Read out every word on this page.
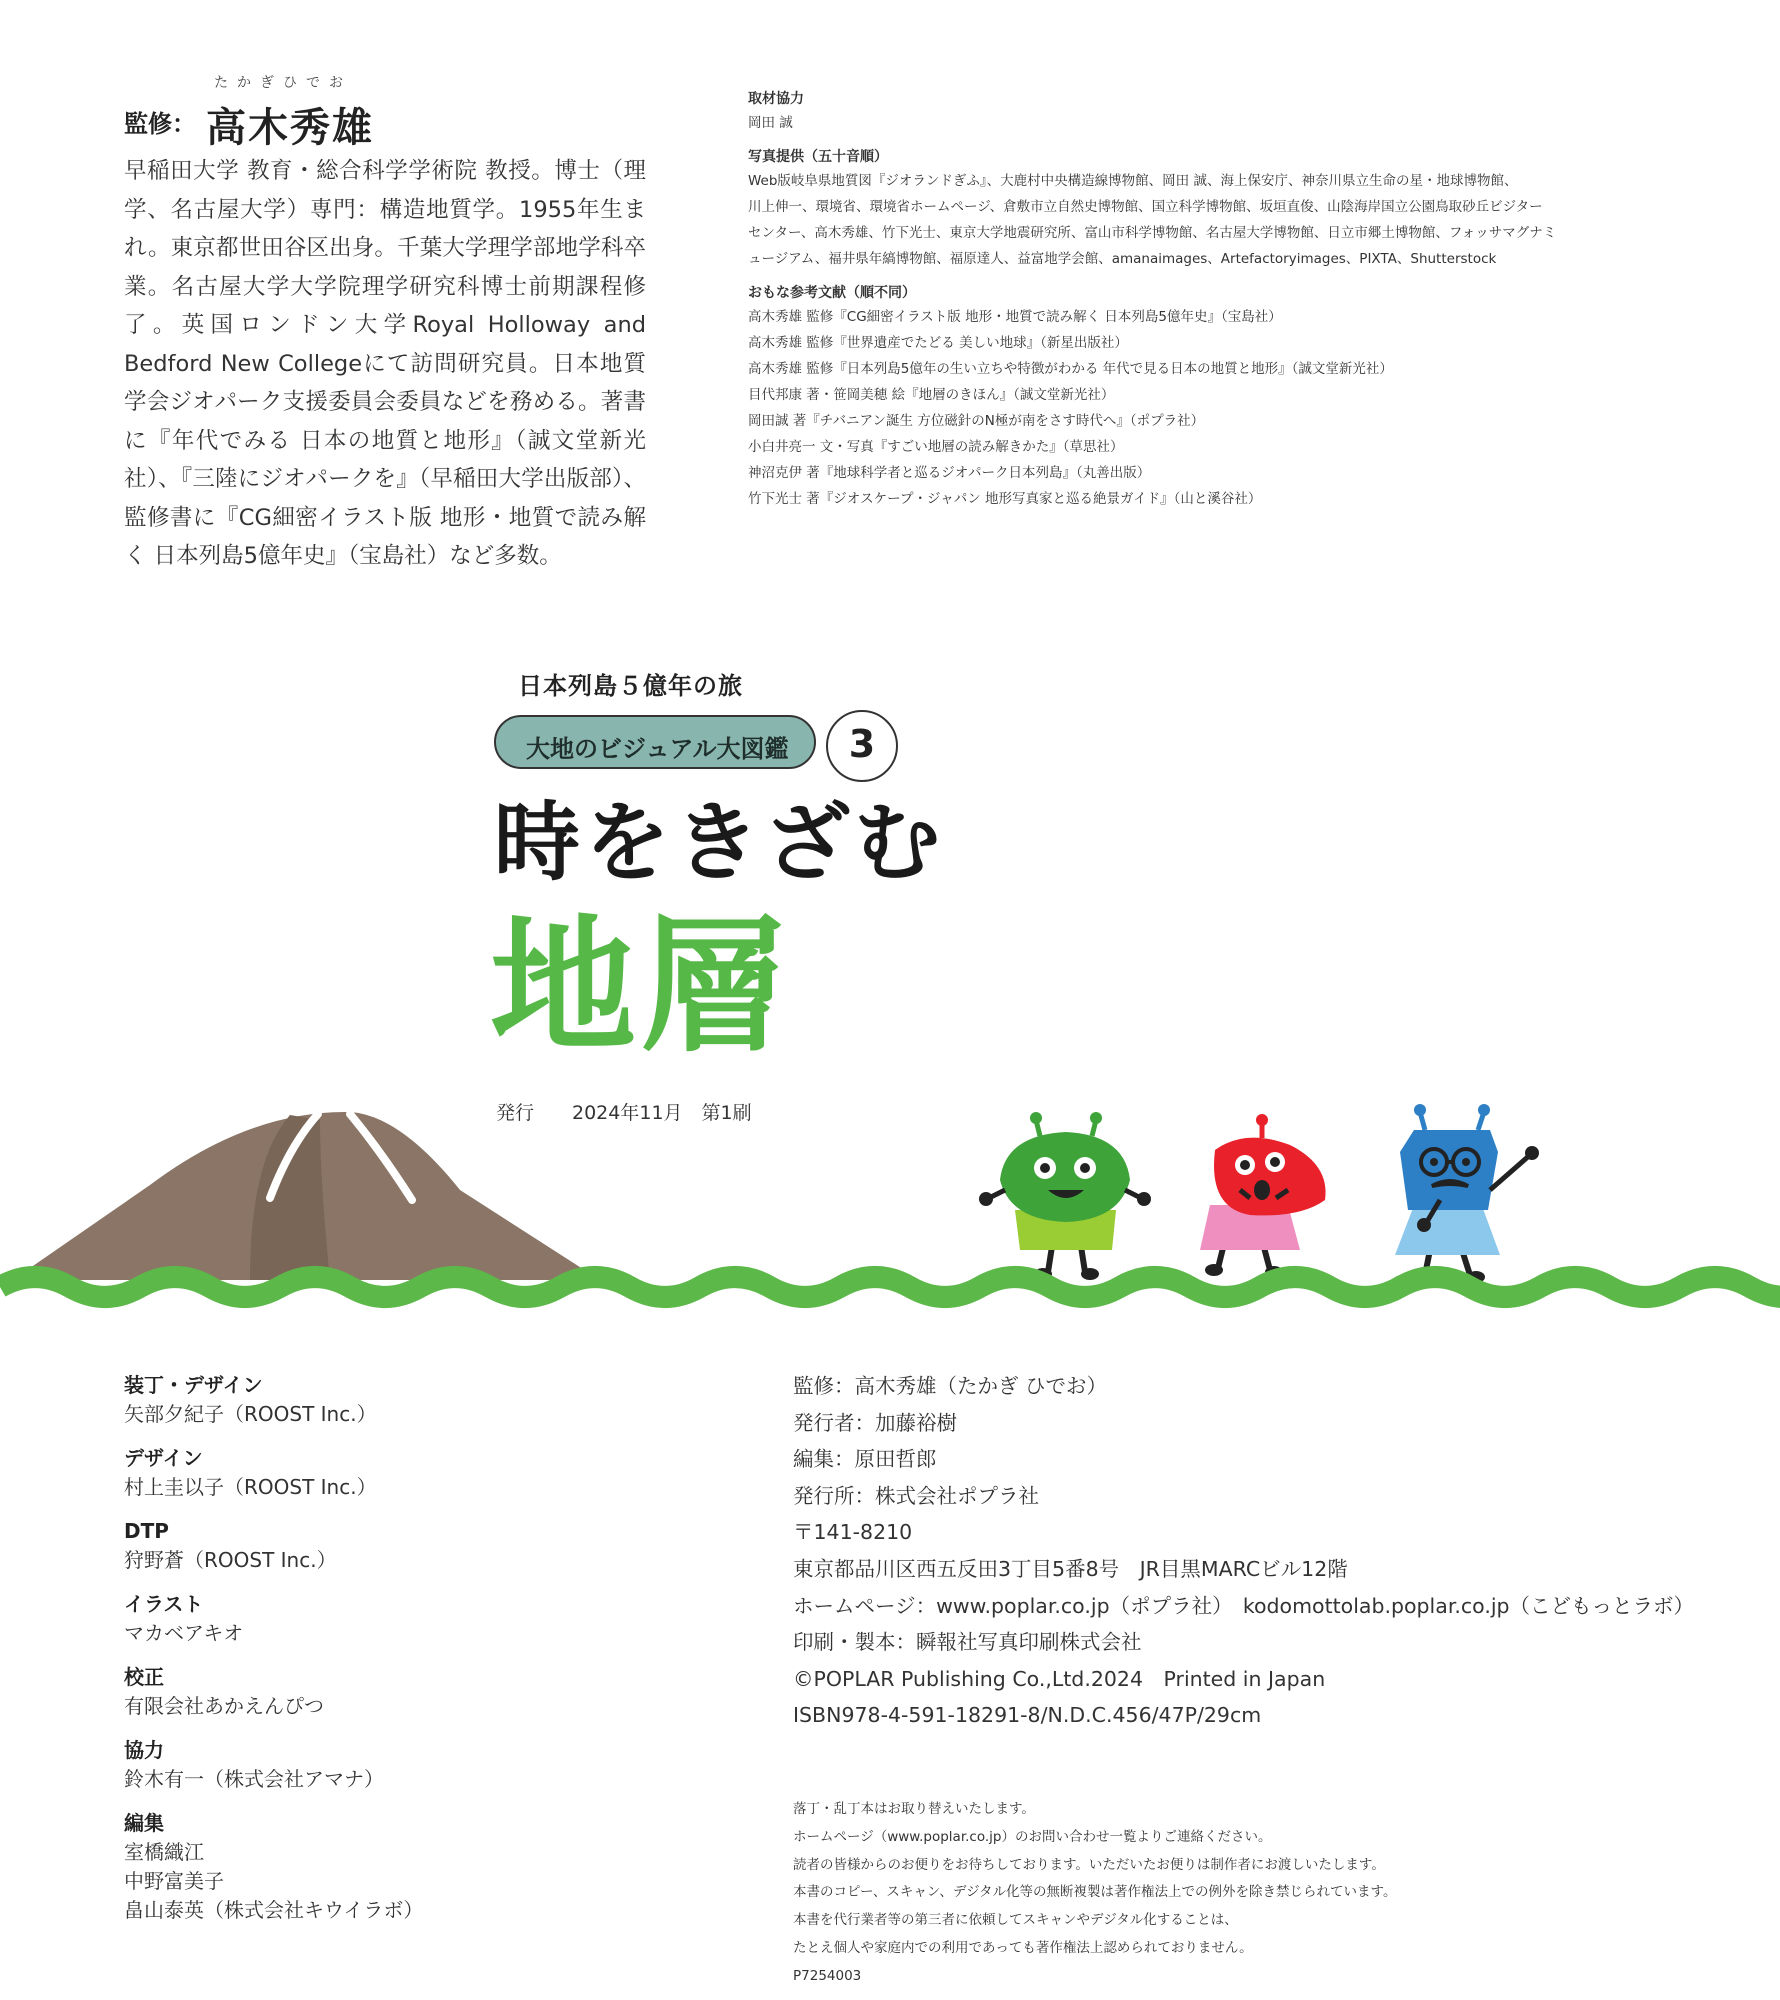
たかぎひでお
監修： 高木秀雄
早稲田大学 教育・総合科学学術院 教授。博士（理学、名古屋大学）専門：構造地質学。1955年生まれ。東京都世田谷区出身。千葉大学理学部地学科卒業。名古屋大学大学院理学研究科博士前期課程修了。英国ロンドン大学Royal Holloway and Bedford New Collegeにて訪問研究員。日本地質学会ジオパーク支援委員会委員などを務める。著書に『年代でみる 日本の地質と地形』（誠文堂新光社）、『三陸にジオパークを』（早稲田大学出版部）、監修書に『CG細密イラスト版 地形・地質で読み解く 日本列島5億年史』（宝島社）など多数。
取材協力
岡田 誠
写真提供（五十音順）
Web版岐阜県地質図『ジオランドぎふ』、大鹿村中央構造線博物館、岡田 誠、海上保安庁、神奈川県立生命の星・地球博物館、
川上伸一、環境省、環境省ホームページ、倉敷市立自然史博物館、国立科学博物館、坂垣直俊、山陰海岸国立公園鳥取砂丘ビジター
センター、高木秀雄、竹下光士、東京大学地震研究所、富山市科学博物館、名古屋大学博物館、日立市郷土博物館、フォッサマグナミ
ュージアム、福井県年縞博物館、福原達人、益富地学会館、amanaimages、Artefactoryimages、PIXTA、Shutterstock
おもな参考文献（順不同）
高木秀雄 監修『CG細密イラスト版 地形・地質で読み解く 日本列島5億年史』（宝島社）
高木秀雄 監修『世界遺産でたどる 美しい地球』（新星出版社）
高木秀雄 監修『日本列島5億年の生い立ちや特徴がわかる 年代で見る日本の地質と地形』（誠文堂新光社）
目代邦康 著・笹岡美穂 絵『地層のきほん』（誠文堂新光社）
岡田誠 著『チバニアン誕生 方位磁針のN極が南をさす時代へ』（ポプラ社）
小白井亮一 文・写真『すごい地層の読み解きかた』（草思社）
神沼克伊 著『地球科学者と巡るジオパーク日本列島』（丸善出版）
竹下光士 著『ジオスケープ・ジャパン 地形写真家と巡る絶景ガイド』（山と溪谷社）
日本列島５億年の旅
大地のビジュアル大図鑑	3
時をきざむ
地層
発行　　2024年11月　第1刷
装丁・デザイン
矢部夕紀子（ROOST Inc.）
デザイン
村上圭以子（ROOST Inc.）
DTP
狩野蒼（ROOST Inc.）
イラスト
マカベアキオ
校正
有限会社あかえんぴつ
協力
鈴木有一（株式会社アマナ）
編集
室橋織江
中野富美子
畠山泰英（株式会社キウイラボ）
監修：高木秀雄（たかぎ ひでお）
発行者：加藤裕樹
編集：原田哲郎
発行所：株式会社ポプラ社
〒141-8210
東京都品川区西五反田3丁目5番8号　JR目黒MARCビル12階
ホームページ：www.poplar.co.jp（ポプラ社）　kodomottolab.poplar.co.jp（こどもっとラボ）
印刷・製本：瞬報社写真印刷株式会社
©POPLAR Publishing Co.,Ltd.2024　Printed in Japan
ISBN978-4-591-18291-8/N.D.C.456/47P/29cm
落丁・乱丁本はお取り替えいたします。
ホームページ（www.poplar.co.jp）のお問い合わせ一覧よりご連絡ください。
読者の皆様からのお便りをお待ちしております。いただいたお便りは制作者にお渡しいたします。
本書のコピー、スキャン、デジタル化等の無断複製は著作権法上での例外を除き禁じられています。
本書を代行業者等の第三者に依頼してスキャンやデジタル化することは、
たとえ個人や家庭内での利用であっても著作権法上認められておりません。
P7254003
